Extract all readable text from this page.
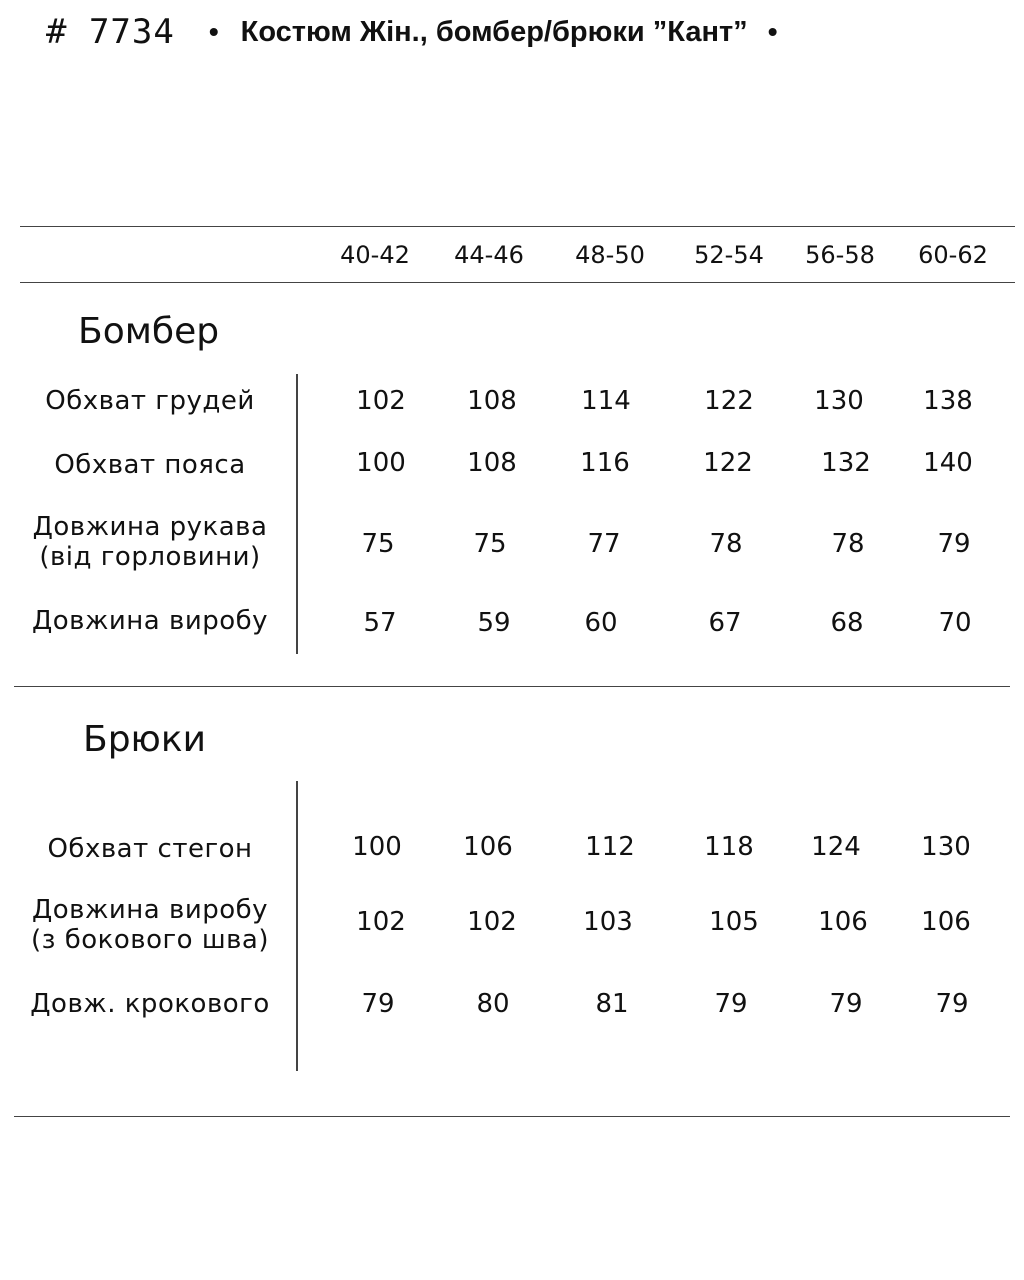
# 7734 • Костюм Жін., бомбер/брюки ”Кант” •
40-42	44-46	48-50	52-54	56-58	60-62
Бомбер
Обхват грудей	102	108	114	122	130	138
Обхват пояса	100	108	116	122	132	140
Довжина рукава
(від горловини)	75	75	77	78	78	79
Довжина виробу	57	59	60	67	68	70
Брюки
Обхват стегон	100	106	112	118	124	130
Довжина виробу
(з бокового шва)
102	102	103	105	106	106
Довж. крокового	79	80	81	79	79	79
